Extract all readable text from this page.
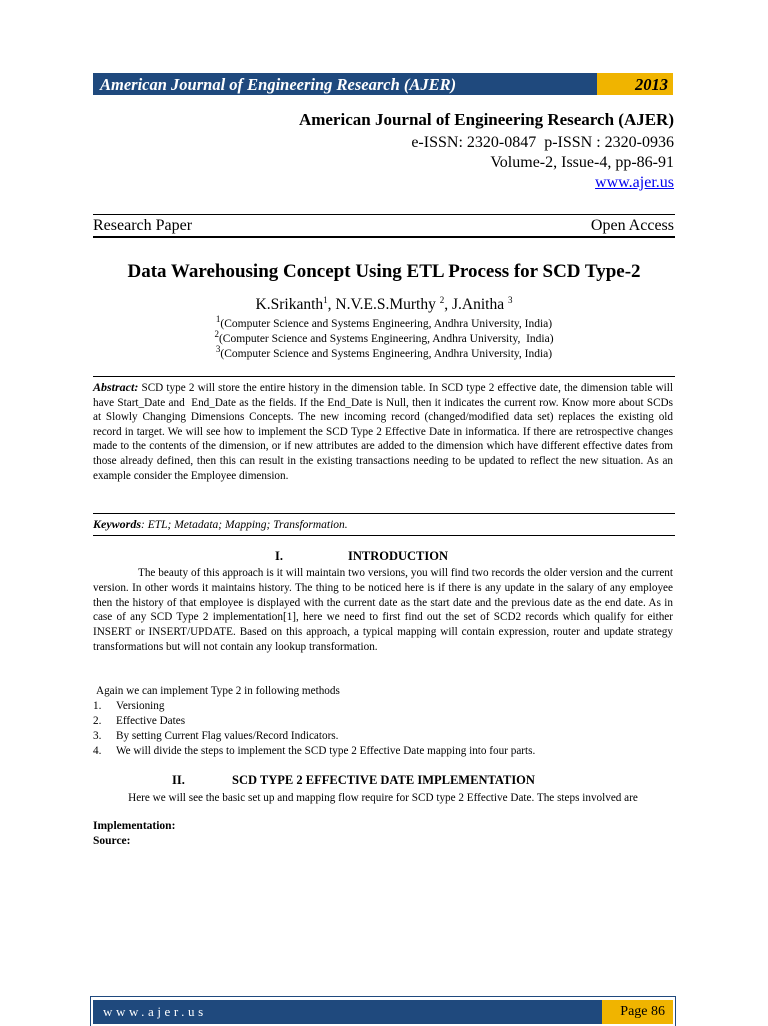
American Journal of Engineering Research (AJER)	2013
American Journal of Engineering Research (AJER)
e-ISSN: 2320-0847  p-ISSN : 2320-0936
Volume-2, Issue-4, pp-86-91
www.ajer.us
Research Paper	Open Access
Data Warehousing Concept Using ETL Process for SCD Type-2
K.Srikanth$^1$, N.V.E.S.Murthy $^2$, J.Anitha $^3$
$^1$(Computer Science and Systems Engineering, Andhra University, India)
$^2$(Computer Science and Systems Engineering, Andhra University,  India)
$^3$(Computer Science and Systems Engineering, Andhra University, India)
Abstract: SCD type 2 will store the entire history in the dimension table. In SCD type 2 effective date, the dimension table will have Start_Date and  End_Date as the fields. If the End_Date is Null, then it indicates the current row. Know more about SCDs at Slowly Changing Dimensions Concepts. The new incoming record (changed/modified data set) replaces the existing old record in target. We will see how to implement the SCD Type 2 Effective Date in informatica. If there are retrospective changes made to the contents of the dimension, or if new attributes are added to the dimension which have different effective dates from those already defined, then this can result in the existing transactions needing to be updated to reflect the new situation. As an example consider the Employee dimension.
Keywords: ETL; Metadata; Mapping; Transformation.
I.	INTRODUCTION
The beauty of this approach is it will maintain two versions, you will find two records the older version and the current version. In other words it maintains history. The thing to be noticed here is if there is any update in the salary of any employee then the history of that employee is displayed with the current date as the start date and the previous date as the end date. As in case of any SCD Type 2 implementation[1], here we need to first find out the set of SCD2 records which qualify for either INSERT or INSERT/UPDATE. Based on this approach, a typical mapping will contain expression, router and update strategy transformations but will not contain any lookup transformation.
Again we can implement Type 2 in following methods
1. Versioning
2. Effective Dates
3. By setting Current Flag values/Record Indicators.
4. We will divide the steps to implement the SCD type 2 Effective Date mapping into four parts.
II.	SCD TYPE 2 EFFECTIVE DATE IMPLEMENTATION
Here we will see the basic set up and mapping flow require for SCD type 2 Effective Date. The steps involved are
Implementation:
Source:
www.ajer.us	Page 86
